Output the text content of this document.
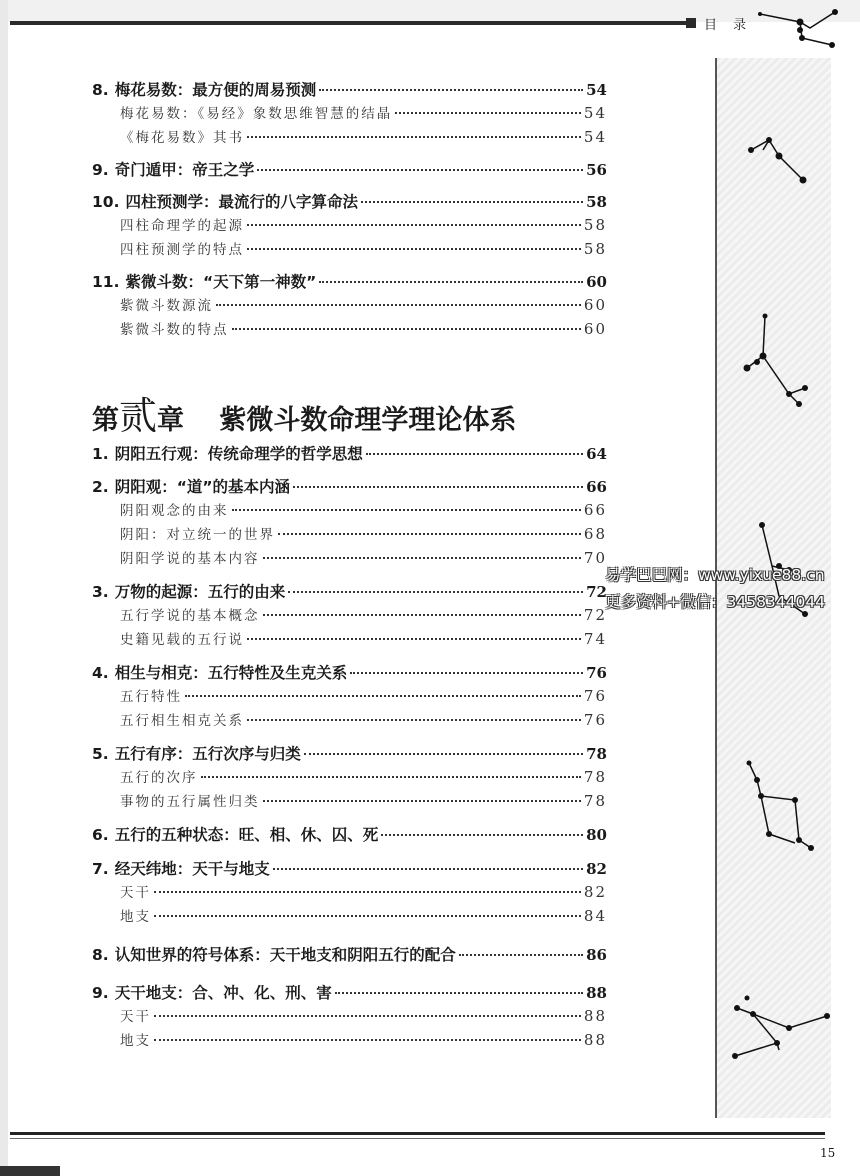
目 录
8. 梅花易数：最方便的周易预测	54
梅花易数：《易经》象数思维智慧的结晶	54
《梅花易数》其书	54
9. 奇门遁甲：帝王之学	56
10. 四柱预测学：最流行的八字算命法	58
四柱命理学的起源	58
四柱预测学的特点	58
11. 紫微斗数：“天下第一神数”	60
紫微斗数源流	60
紫微斗数的特点	60
第贰章 紫微斗数命理学理论体系
1. 阴阳五行观：传统命理学的哲学思想	64
2. 阴阳观：“道”的基本内涵	66
阴阳观念的由来	66
阴阳：对立统一的世界	68
阴阳学说的基本内容	70
3. 万物的起源：五行的由来	72
五行学说的基本概念	72
史籍见载的五行说	74
4. 相生与相克：五行特性及生克关系	76
五行特性	76
五行相生相克关系	76
5. 五行有序：五行次序与归类	78
五行的次序	78
事物的五行属性归类	78
6. 五行的五种状态：旺、相、休、囚、死	80
7. 经天纬地：天干与地支	82
天干	82
地支	84
8. 认知世界的符号体系：天干地支和阴阳五行的配合	86
9. 天干地支：合、冲、化、刑、害	88
天干	88
地支	88
易学巴巴网：www.yixue88.cn
更多资料+微信：3458344044
15
